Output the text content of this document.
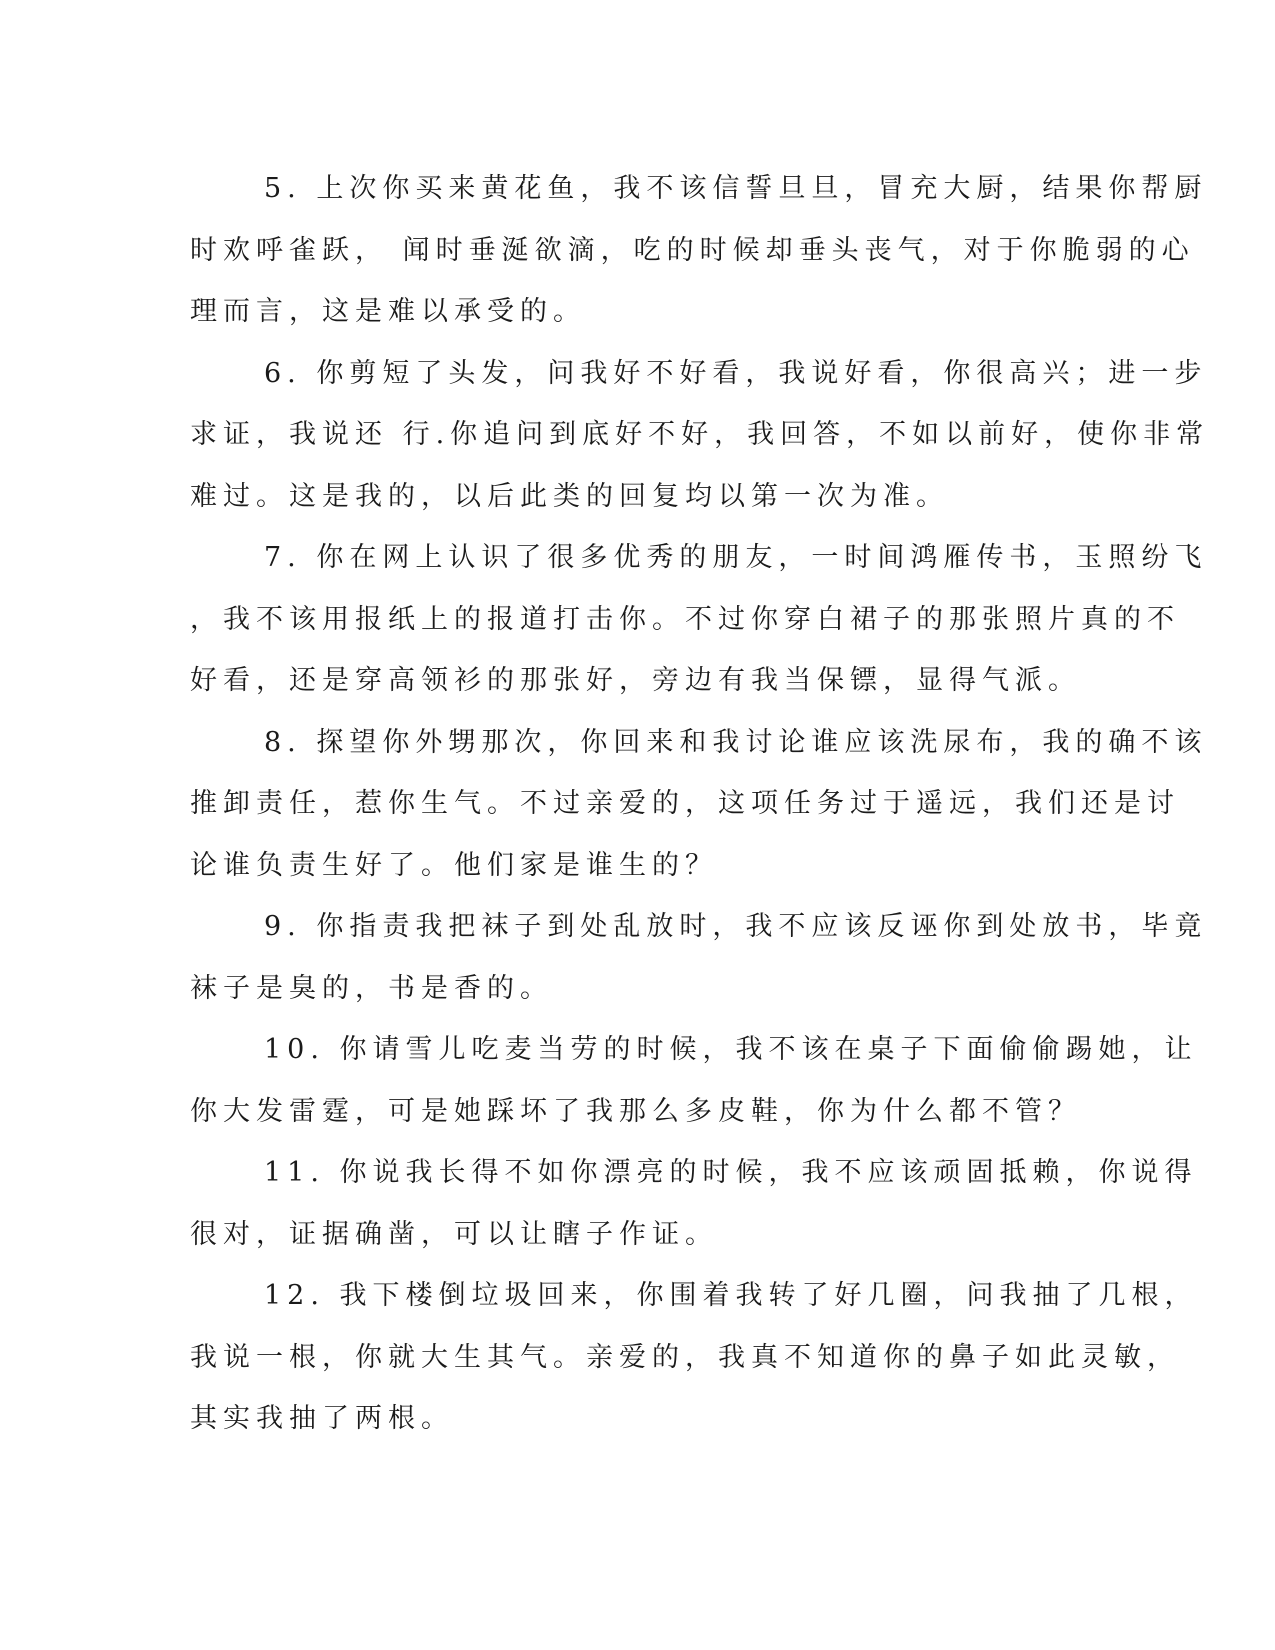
5. 上次你买来黄花鱼，我不该信誓旦旦，冒充大厨，结果你帮厨
时欢呼雀跃， 闻时垂涎欲滴，吃的时候却垂头丧气，对于你脆弱的心
理而言，这是难以承受的。

6. 你剪短了头发，问我好不好看，我说好看，你很高兴；进一步
求证，我说还 行.你追问到底好不好，我回答，不如以前好，使你非常
难过。这是我的，以后此类的回复均以第一次为准。

7. 你在网上认识了很多优秀的朋友，一时间鸿雁传书，玉照纷飞
，我不该用报纸上的报道打击你。不过你穿白裙子的那张照片真的不
好看，还是穿高领衫的那张好，旁边有我当保镖，显得气派。

8. 探望你外甥那次，你回来和我讨论谁应该洗尿布，我的确不该
推卸责任，惹你生气。不过亲爱的，这项任务过于遥远，我们还是讨
论谁负责生好了。他们家是谁生的？

9. 你指责我把袜子到处乱放时，我不应该反诬你到处放书，毕竟
袜子是臭的，书是香的。

10. 你请雪儿吃麦当劳的时候，我不该在桌子下面偷偷踢她，让
你大发雷霆，可是她踩坏了我那么多皮鞋，你为什么都不管？

11. 你说我长得不如你漂亮的时候，我不应该顽固抵赖，你说得
很对，证据确凿，可以让瞎子作证。

12. 我下楼倒垃圾回来，你围着我转了好几圈，问我抽了几根，
我说一根，你就大生其气。亲爱的，我真不知道你的鼻子如此灵敏，
其实我抽了两根。
